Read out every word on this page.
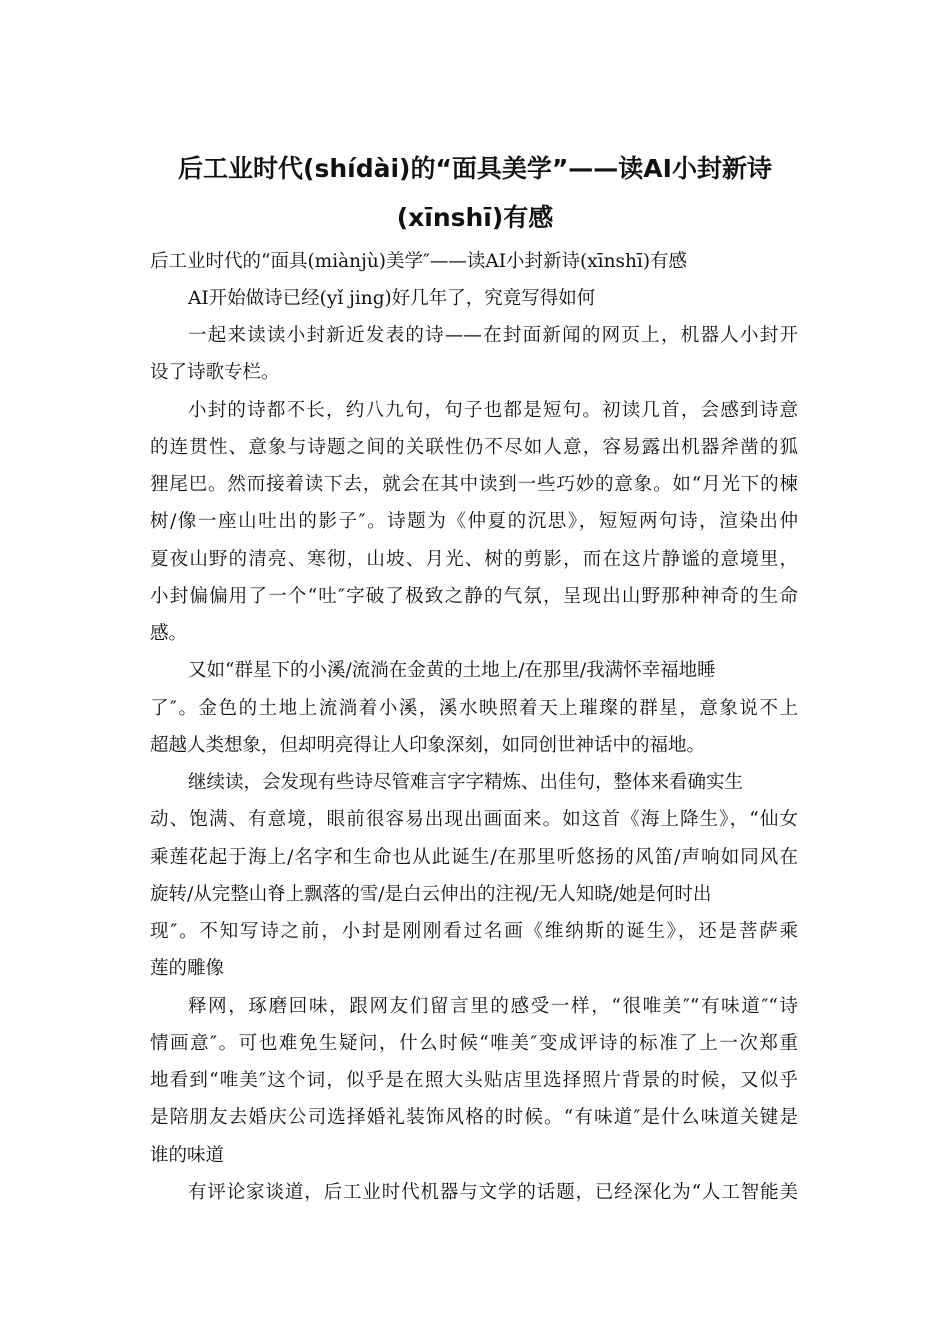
后工业时代(shídài)的“面具美学”——读AI小封新诗
(xīnshī)有感
后工业时代的“面具(miànjù)美学″——读AI小封新诗(xīnshī)有感
AI开始做诗已经(yǐ jing)好几年了，究竟写得如何
一起来读读小封新近发表的诗——在封面新闻的网页上，机器人小封开
设了诗歌专栏。
小封的诗都不长，约八九句，句子也都是短句。初读几首，会感到诗意
的连贯性、意象与诗题之间的关联性仍不尽如人意，容易露出机器斧凿的狐
狸尾巴。然而接着读下去，就会在其中读到一些巧妙的意象。如“月光下的楝
树/像一座山吐出的影子″。诗题为《仲夏的沉思》，短短两句诗，渲染出仲
夏夜山野的清亮、寒彻，山坡、月光、树的剪影，而在这片静谧的意境里，
小封偏偏用了一个“吐″字破了极致之静的气氛，呈现出山野那种神奇的生命
感。
又如“群星下的小溪/流淌在金黄的土地上/在那里/我满怀幸福地睡
了″。金色的土地上流淌着小溪，溪水映照着天上璀璨的群星，意象说不上
超越人类想象，但却明亮得让人印象深刻，如同创世神话中的福地。
继续读，会发现有些诗尽管难言字字精炼、出佳句，整体来看确实生
动、饱满、有意境，眼前很容易出现出画面来。如这首《海上降生》，“仙女
乘莲花起于海上/名字和生命也从此诞生/在那里听悠扬的风笛/声响如同风在
旋转/从完整山脊上飘落的雪/是白云伸出的注视/无人知晓/她是何时出
现″。不知写诗之前，小封是刚刚看过名画《维纳斯的诞生》，还是菩萨乘
莲的雕像
释网，琢磨回味，跟网友们留言里的感受一样，“很唯美″“有味道″“诗
情画意″。可也难免生疑问，什么时候“唯美″变成评诗的标准了上一次郑重
地看到“唯美″这个词，似乎是在照大头贴店里选择照片背景的时候，又似乎
是陪朋友去婚庆公司选择婚礼装饰风格的时候。“有味道″是什么味道关键是
谁的味道
有评论家谈道，后工业时代机器与文学的话题，已经深化为“人工智能美
